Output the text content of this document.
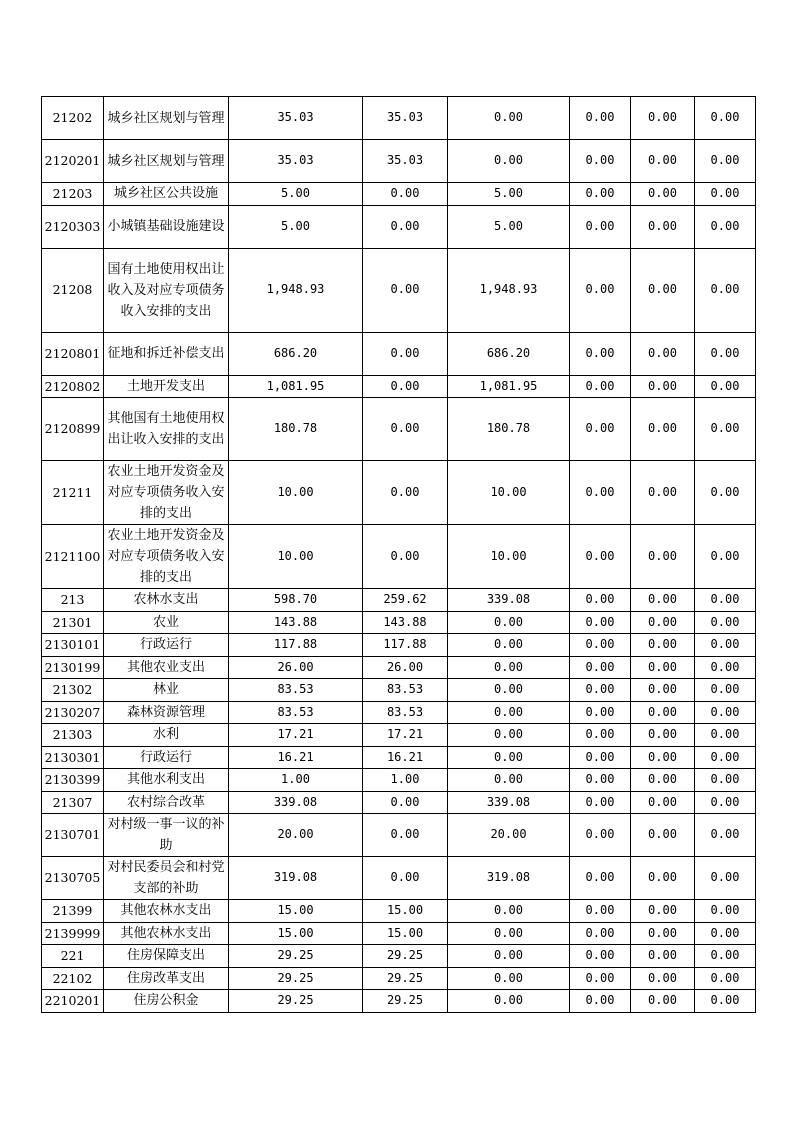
21202	城乡社区规划与管理	35.03	35.03	0.00	0.00	0.00	0.00
2120201	城乡社区规划与管理	35.03	35.03	0.00	0.00	0.00	0.00
21203	城乡社区公共设施	5.00	0.00	5.00	0.00	0.00	0.00
2120303	小城镇基础设施建设	5.00	0.00	5.00	0.00	0.00	0.00
21208	国有土地使用权出让收入及对应专项债务收入安排的支出	1,948.93	0.00	1,948.93	0.00	0.00	0.00
2120801	征地和拆迁补偿支出	686.20	0.00	686.20	0.00	0.00	0.00
2120802	土地开发支出	1,081.95	0.00	1,081.95	0.00	0.00	0.00
2120899	其他国有土地使用权出让收入安排的支出	180.78	0.00	180.78	0.00	0.00	0.00
21211	农业土地开发资金及对应专项债务收入安排的支出	10.00	0.00	10.00	0.00	0.00	0.00
2121100	农业土地开发资金及对应专项债务收入安排的支出	10.00	0.00	10.00	0.00	0.00	0.00
213	农林水支出	598.70	259.62	339.08	0.00	0.00	0.00
21301	农业	143.88	143.88	0.00	0.00	0.00	0.00
2130101	行政运行	117.88	117.88	0.00	0.00	0.00	0.00
2130199	其他农业支出	26.00	26.00	0.00	0.00	0.00	0.00
21302	林业	83.53	83.53	0.00	0.00	0.00	0.00
2130207	森林资源管理	83.53	83.53	0.00	0.00	0.00	0.00
21303	水利	17.21	17.21	0.00	0.00	0.00	0.00
2130301	行政运行	16.21	16.21	0.00	0.00	0.00	0.00
2130399	其他水利支出	1.00	1.00	0.00	0.00	0.00	0.00
21307	农村综合改革	339.08	0.00	339.08	0.00	0.00	0.00
2130701	对村级一事一议的补助	20.00	0.00	20.00	0.00	0.00	0.00
2130705	对村民委员会和村党支部的补助	319.08	0.00	319.08	0.00	0.00	0.00
21399	其他农林水支出	15.00	15.00	0.00	0.00	0.00	0.00
2139999	其他农林水支出	15.00	15.00	0.00	0.00	0.00	0.00
221	住房保障支出	29.25	29.25	0.00	0.00	0.00	0.00
22102	住房改革支出	29.25	29.25	0.00	0.00	0.00	0.00
2210201	住房公积金	29.25	29.25	0.00	0.00	0.00	0.00
